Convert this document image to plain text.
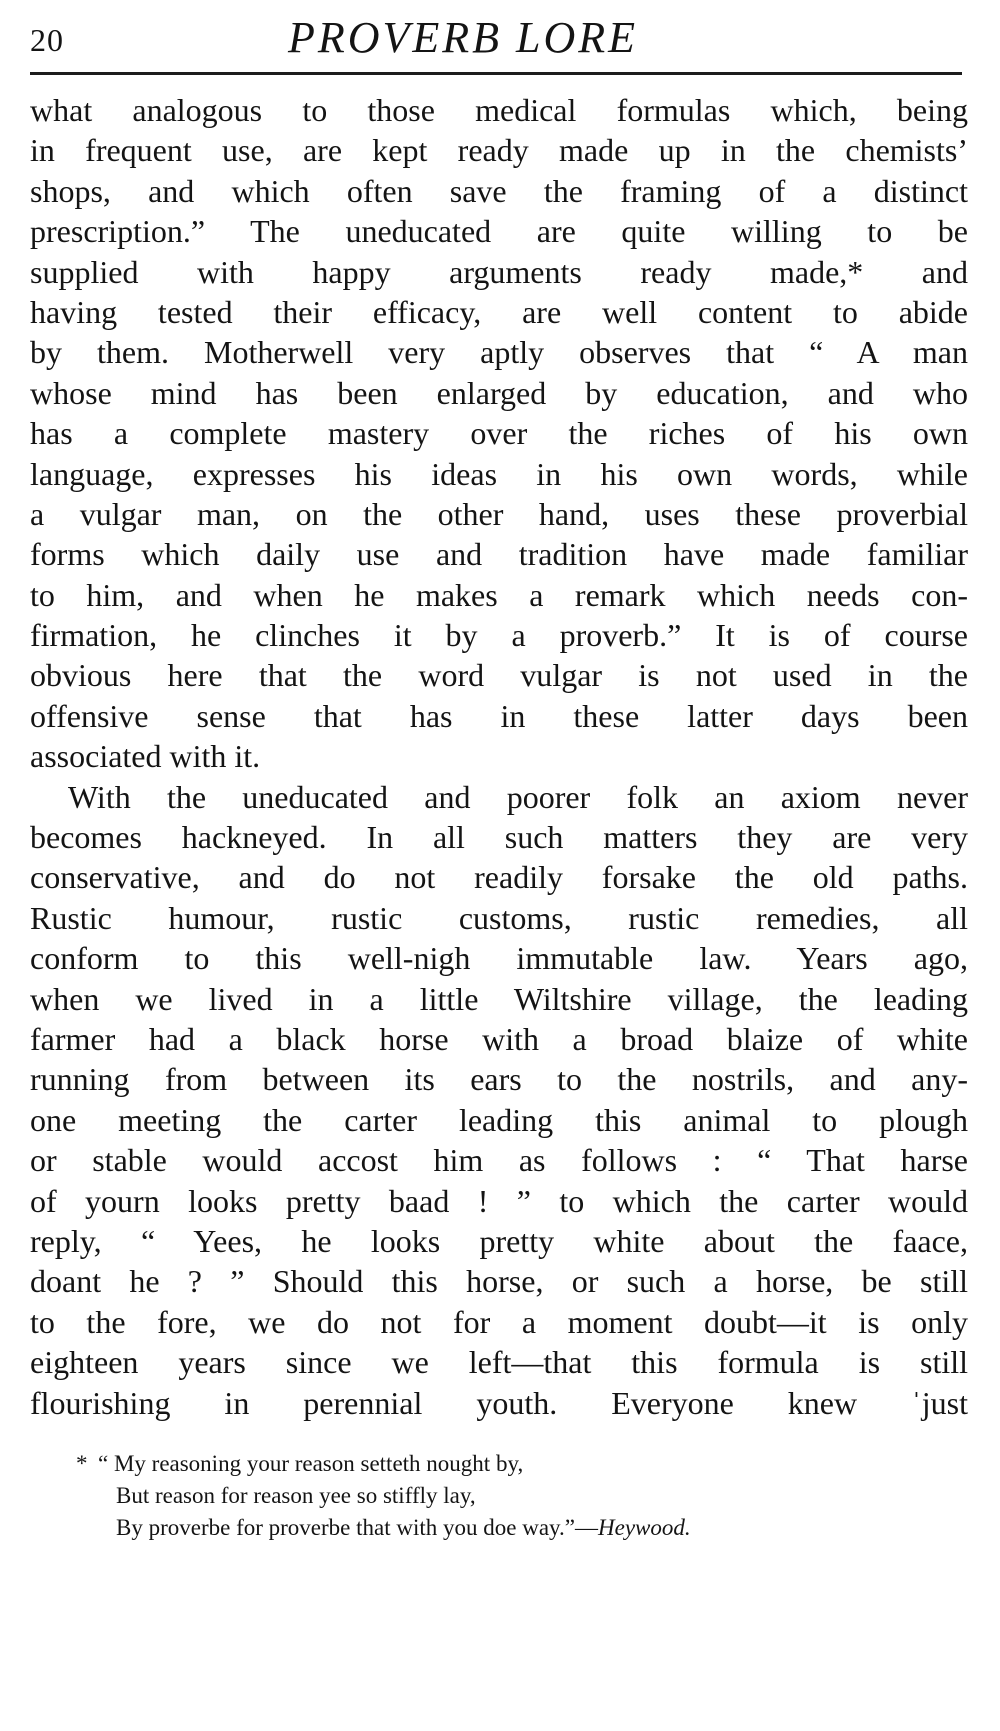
20	PROVERB LORE
what analogous to those medical formulas which, being
in frequent use, are kept ready made up in the chemists’
shops, and which often save the framing of a distinct
prescription.” The uneducated are quite willing to be
supplied with happy arguments ready made,* and
having tested their efficacy, are well content to abide
by them. Motherwell very aptly observes that “ A man
whose mind has been enlarged by education, and who
has a complete mastery over the riches of his own
language, expresses his ideas in his own words, while
a vulgar man, on the other hand, uses these proverbial
forms which daily use and tradition have made familiar
to him, and when he makes a remark which needs con-
firmation, he clinches it by a proverb.” It is of course
obvious here that the word vulgar is not used in the
offensive sense that has in these latter days been
associated with it.
With the uneducated and poorer folk an axiom never
becomes hackneyed. In all such matters they are very
conservative, and do not readily forsake the old paths.
Rustic humour, rustic customs, rustic remedies, all
conform to this well-nigh immutable law. Years ago,
when we lived in a little Wiltshire village, the leading
farmer had a black horse with a broad blaize of white
running from between its ears to the nostrils, and any-
one meeting the carter leading this animal to plough
or stable would accost him as follows : “ That harse
of yourn looks pretty baad ! ” to which the carter would
reply, “ Yees, he looks pretty white about the faace,
doant he ? ” Should this horse, or such a horse, be still
to the fore, we do not for a moment doubt—it is only
eighteen years since we left—that this formula is still
flourishing in perennial youth. Everyone knew ˈjust
* “ My reasoning your reason setteth nought by,
But reason for reason yee so stiffly lay,
By proverbe for proverbe that with you doe way.”—Heywood.
